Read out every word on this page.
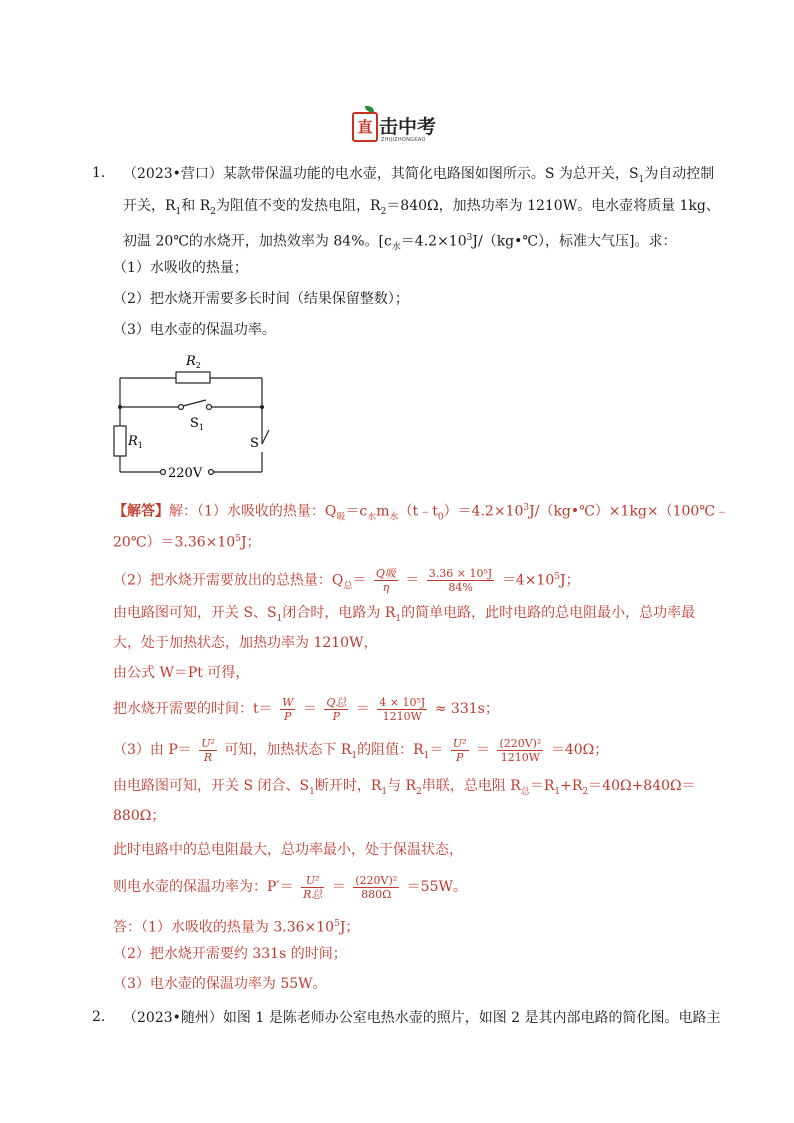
直 击中考
ZHIJIZHONGKAO
1. （2023•营口）某款带保温功能的电水壶，其简化电路图如图所示。S 为总开关，$S_1$为自动控制
开关，$R_1$和 $R_2$为阻值不变的发热电阻，$R_2=840\Omega$，加热功率为 1210W。电水壶将质量 1kg、
初温 20℃的水烧开，加热效率为 84%。[$c_水=4.2\times 10^3J/(kg•℃)$，标准大气压]。求：
（1）水吸收的热量；
（2）把水烧开需要多长时间（结果保留整数）；
（3）电水壶的保温功率。
$R_2$
$R_1$
$S_1$
S
220V
【解答】解：（1）水吸收的热量：$Q_吸=c_水m_水(t﹣t_0)=4.2\times 10^3J/(kg•℃)\times 1kg\times(100℃﹣$
$20℃)=3.36\times 10^5J$；
（2）把水烧开需要放出的总热量：$Q_总= \frac{\text{Q吸}}{\eta} = \frac{\text{3.36 × 10⁵J}}{84\%} =4\times 10^5J$；
由电路图可知，开关 S、$S_1$闭合时，电路为 $R_1$的简单电路，此时电路的总电阻最小，总功率最
大，处于加热状态，加热功率为 1210W，
由公式 W＝Pt 可得，
把水烧开需要的时间：$t= \frac{W}{P} = \frac{\text{Q总}}{P} = \frac{\text{4 × 10⁵J}}{1210W} \approx 331s$；
（3）由 $P= \frac{\text{U²}}{R}$ 可知，加热状态下 $R_1$的阻值：$R_1= \frac{\text{U²}}{P} = \frac{\text{(220V)²}}{1210W} =40\Omega$；
由电路图可知，开关 S 闭合、$S_1$断开时，$R_1$与 $R_2$串联，总电阻 $R_总=R_1+R_2=40\Omega+840\Omega=$
880Ω；
此时电路中的总电阻最大，总功率最小，处于保温状态，
则电水壶的保温功率为：$P'= \frac{\text{U²}}{\text{R总}} = \frac{\text{(220V)²}}{880\Omega} =55W$。
答：（1）水吸收的热量为 $3.36\times 10^5J$；
（2）把水烧开需要约 331s 的时间；
（3）电水壶的保温功率为 55W。
2. （2023•随州）如图 1 是陈老师办公室电热水壶的照片，如图 2 是其内部电路的简化图。电路主
